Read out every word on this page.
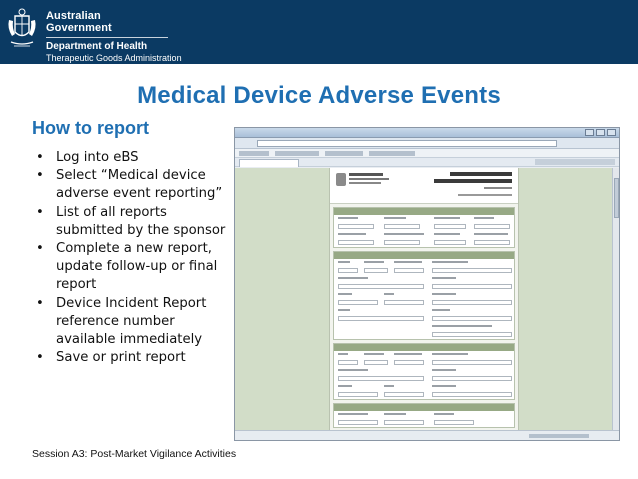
Australian Government
Department of Health
Therapeutic Goods Administration
Medical Device Adverse Events
How to report
• Log into eBS
• Select “Medical device adverse event reporting”
• List of all reports submitted by the sponsor
• Complete a new report, update follow-up or final report
• Device Incident Report reference number available immediately
• Save or print report
Session A3: Post-Market Vigilance Activities
